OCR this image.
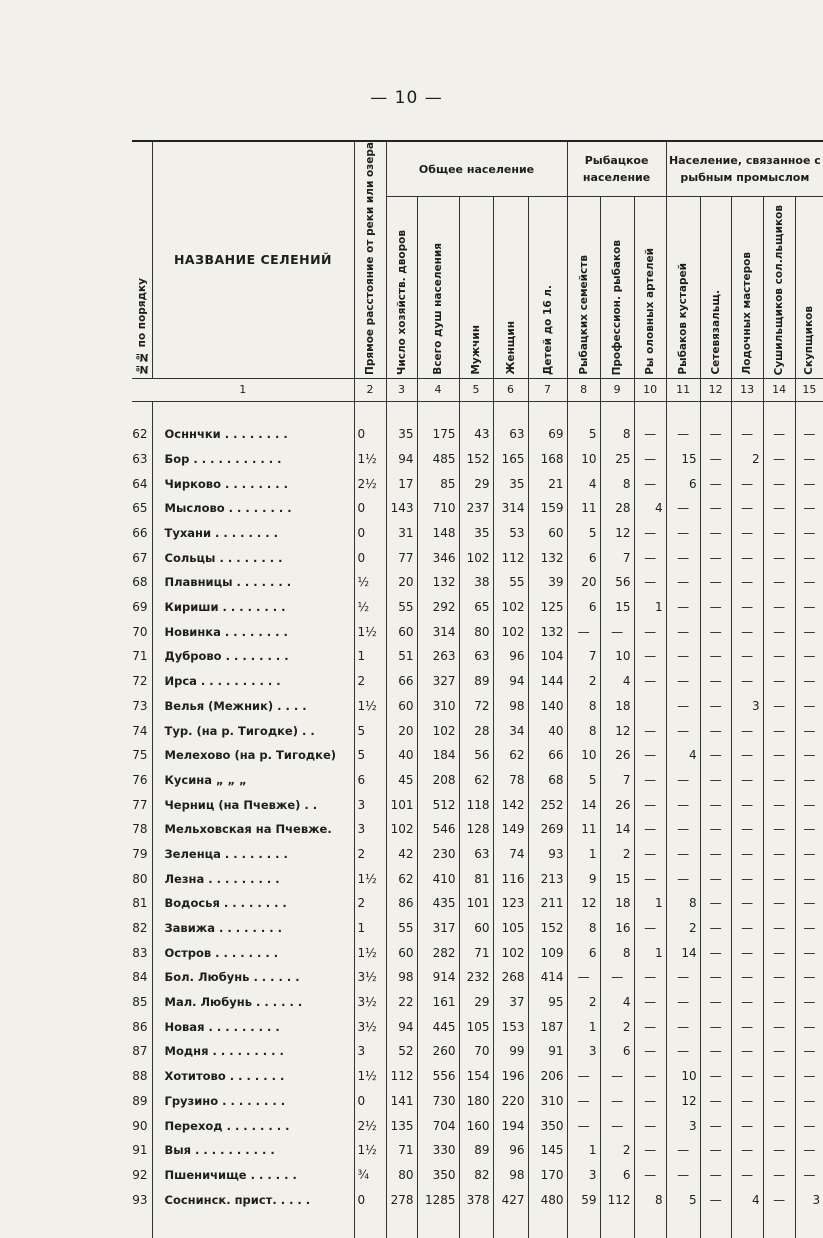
— 10 —
№№ по порядку	НАЗВАНИЕ СЕЛЕНИЙ	Прямое расстояние от реки или озера	Общее население					Рыбацкое население			Население, связанное с рыбным промыслом				
			Число хозяйств. дворов	Всего душ населения	Мужчин	Женщин	Детей до 16 л.	Рыбацких семейств	Профессион. рыбаков	Ры оловных артелей	Рыбаков кустарей	Сетевязальщ.	Лодочных мастеров	Сушильщиков сол.льщиков	Скупщиков
1		2	3	4	5	6	7	8	9	10	11	12	13	14	15

62	Осннчки . . . . . . . .	0	35	175	43	63	69	5	8	—	—	—	—	—	—
63	Бор . . . . . . . . . . .	1½	94	485	152	165	168	10	25	—	15	—	2	—	—
64	Чирково . . . . . . . .	2½	17	85	29	35	21	4	8	—	6	—	—	—	—
65	Мыслово . . . . . . . .	0	143	710	237	314	159	11	28	4	—	—	—	—	—
66	Тухани . . . . . . . .	0	31	148	35	53	60	5	12	—	—	—	—	—	—
67	Сольцы . . . . . . . .	0	77	346	102	112	132	6	7	—	—	—	—	—	—
68	Плавницы . . . . . . .	½	20	132	38	55	39	20	56	—	—	—	—	—	—
69	Кириши . . . . . . . .	½	55	292	65	102	125	6	15	1	—	—	—	—	—
70	Новинка . . . . . . . .	1½	60	314	80	102	132	—	—	—	—	—	—	—	—
71	Дуброво . . . . . . . .	1	51	263	63	96	104	7	10	—	—	—	—	—	—
72	Ирса . . . . . . . . . .	2	66	327	89	94	144	2	4	—	—	—	—	—	—
73	Велья (Межник) . . . .	1½	60	310	72	98	140	8	18		—	—	3	—	—
74	Тур. (на р. Тигодке) . .	5	20	102	28	34	40	8	12	—	—	—	—	—	—
75	Мелехово (на р. Тигодке)	5	40	184	56	62	66	10	26	—	4	—	—	—	—
76	Кусина „ „ „	6	45	208	62	78	68	5	7	—	—	—	—	—	—
77	Черниц (на Пчевже) . .	3	101	512	118	142	252	14	26	—	—	—	—	—	—
78	Мельховская на Пчевже.	3	102	546	128	149	269	11	14	—	—	—	—	—	—
79	Зеленца . . . . . . . .	2	42	230	63	74	93	1	2	—	—	—	—	—	—
80	Лезна . . . . . . . . .	1½	62	410	81	116	213	9	15	—	—	—	—	—	—
81	Водосья . . . . . . . .	2	86	435	101	123	211	12	18	1	8	—	—	—	—
82	Завижа . . . . . . . .	1	55	317	60	105	152	8	16	—	2	—	—	—	—
83	Остров . . . . . . . .	1½	60	282	71	102	109	6	8	1	14	—	—	—	—
84	Бол. Любунь . . . . . .	3½	98	914	232	268	414	—	—	—	—	—	—	—	—
85	Мал. Любунь . . . . . .	3½	22	161	29	37	95	2	4	—	—	—	—	—	—
86	Новая . . . . . . . . .	3½	94	445	105	153	187	1	2	—	—	—	—	—	—
87	Модня . . . . . . . . .	3	52	260	70	99	91	3	6	—	—	—	—	—	—
88	Хотитово . . . . . . .	1½	112	556	154	196	206	—	—	—	10	—	—	—	—
89	Грузино . . . . . . . .	0	141	730	180	220	310	—	—	—	12	—	—	—	—
90	Переход . . . . . . . .	2½	135	704	160	194	350	—	—	—	3	—	—	—	—
91	Выя . . . . . . . . . .	1½	71	330	89	96	145	1	2	—	—	—	—	—	—
92	Пшеничище . . . . . .	¾	80	350	82	98	170	3	6	—	—	—	—	—	—
93	Соснинск. прист. . . . .	0	278	1285	378	427	480	59	112	8	5	—	4	—	3
